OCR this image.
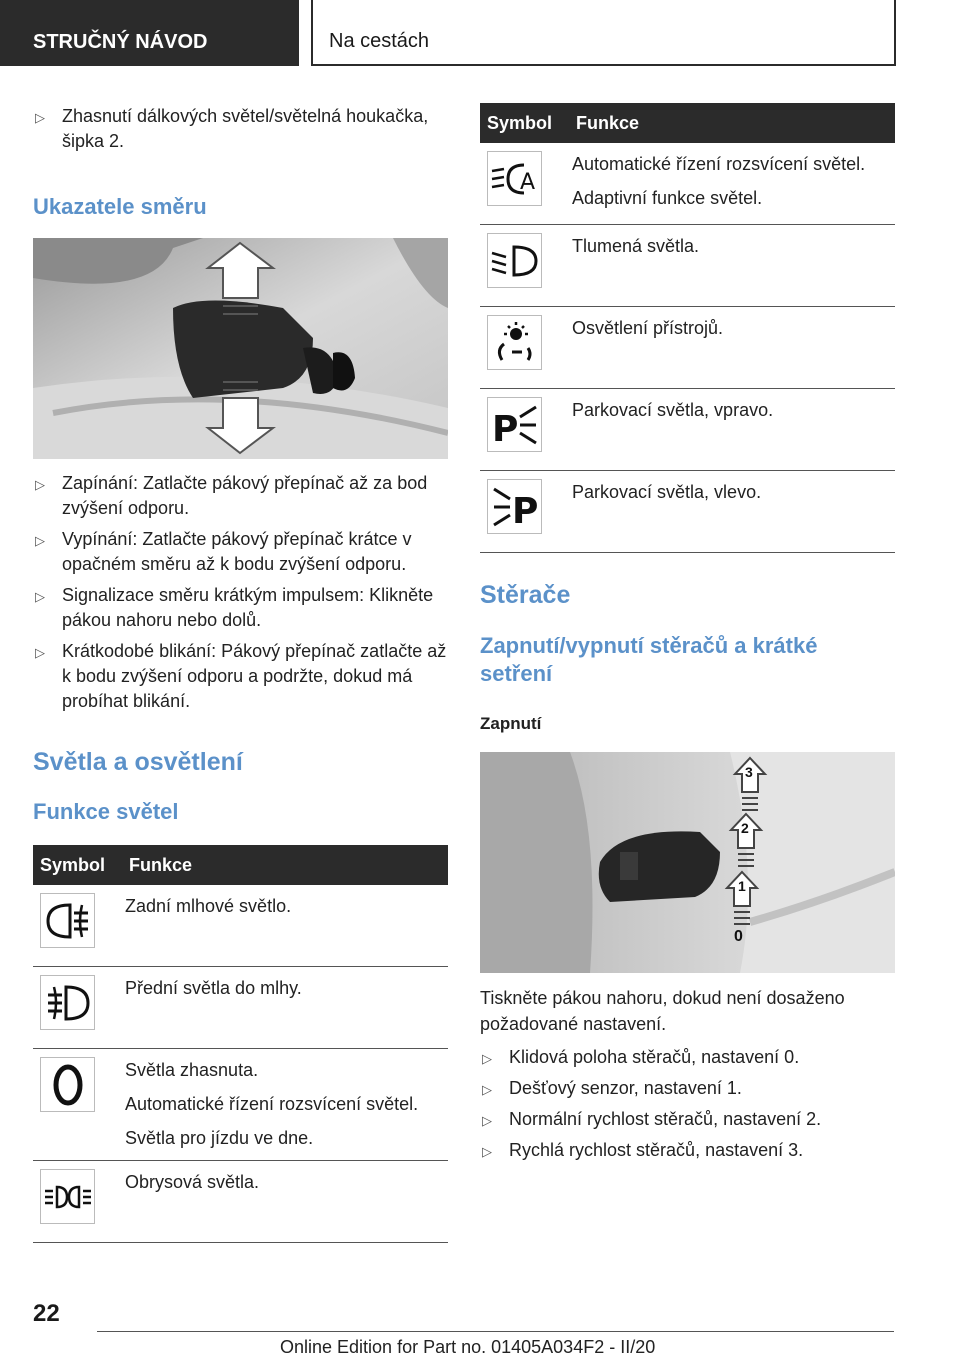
STRUČNÝ NÁVOD	Na cestách
▷ Zhasnutí dálkových světel/světelná houkačka, šipka 2.
Ukazatele směru
▷ Zapínání: Zatlačte pákový přepínač až za bod zvýšení odporu.
▷ Vypínání: Zatlačte pákový přepínač krátce v opačném směru až k bodu zvýšení odporu.
▷ Signalizace směru krátkým impulsem: Klikněte pákou nahoru nebo dolů.
▷ Krátkodobé blikání: Pákový přepínač zatlačte až k bodu zvýšení odporu a podržte, dokud má probíhat blikání.
Světla a osvětlení
Funkce světel
Symbol	Funkce

Zadní mlhové světlo.

Přední světla do mlhy.

Světla zhasnuta.
Automatické řízení rozsvícení světel.
Světla pro jízdu ve dne.

Obrysová světla.
Symbol	Funkce

A	Automatické řízení rozsvícení světel.
Adaptivní funkce světel.

Tlumená světla.

Osvětlení přístrojů.

P	Parkovací světla, vpravo.

P	Parkovací světla, vlevo.
Stěrače
Zapnutí/vypnutí stěračů a krátké setření
Zapnutí
3
2
1
0

Tiskněte pákou nahoru, dokud není dosaženo požadované nastavení.

▷ Klidová poloha stěračů, nastavení 0.
▷ Dešťový senzor, nastavení 1.
▷ Normální rychlost stěračů, nastavení 2.
▷ Rychlá rychlost stěračů, nastavení 3.
22
Online Edition for Part no. 01405A034F2 - II/20
